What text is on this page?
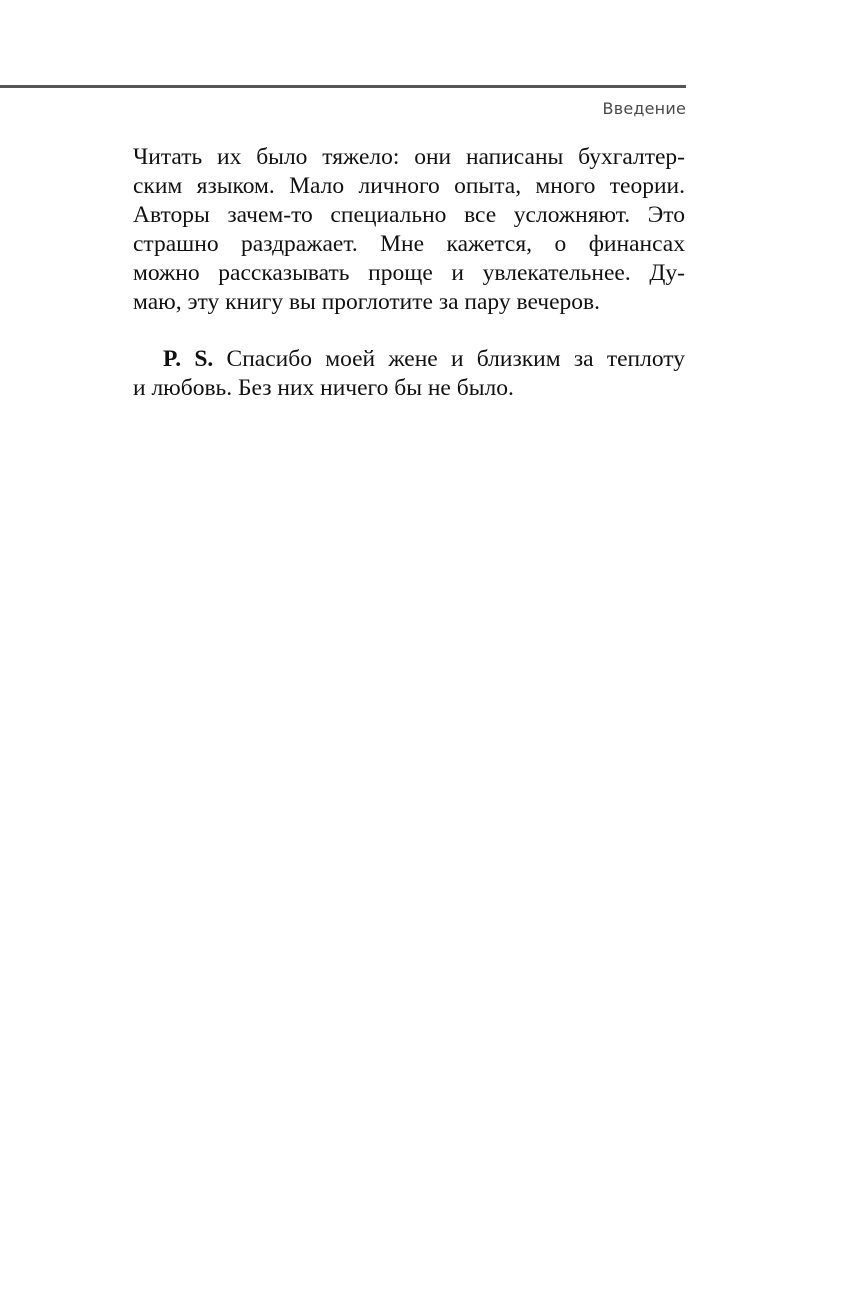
Введение
Читать их было тяжело: они написаны бухгалтер-
ским языком. Мало личного опыта, много теории.
Авторы зачем-то специально все усложняют. Это
страшно раздражает. Мне кажется, о финансах
можно рассказывать проще и увлекательнее. Ду-
маю, эту книгу вы проглотите за пару вечеров.
P. S. Спасибо моей жене и близким за теплоту
и любовь. Без них ничего бы не было.
